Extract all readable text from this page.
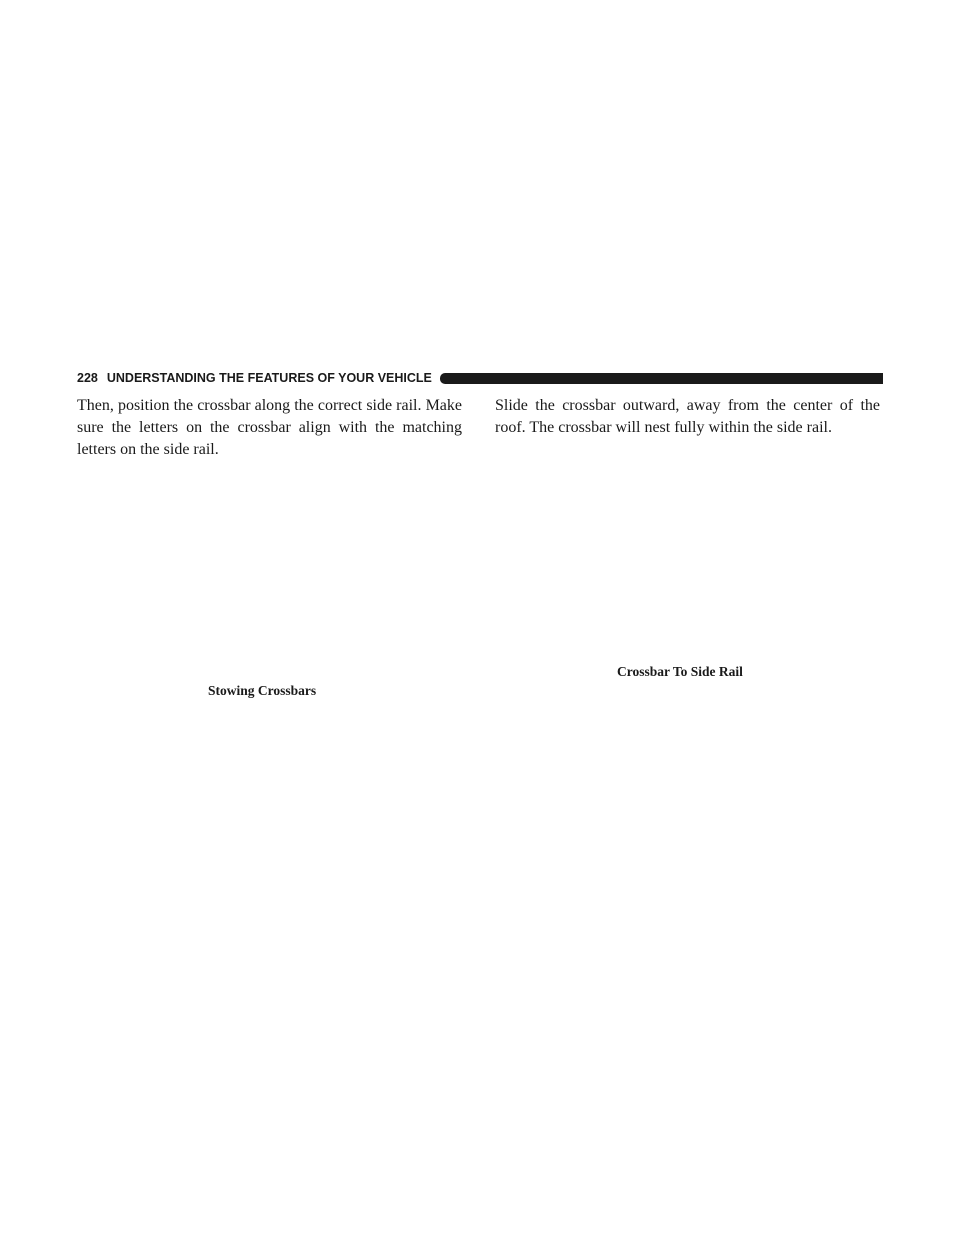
228 UNDERSTANDING THE FEATURES OF YOUR VEHICLE
Then, position the crossbar along the correct side rail. Make sure the letters on the crossbar align with the matching letters on the side rail.
Stowing Crossbars
Slide the crossbar outward, away from the center of the roof. The crossbar will nest fully within the side rail.
Crossbar To Side Rail
